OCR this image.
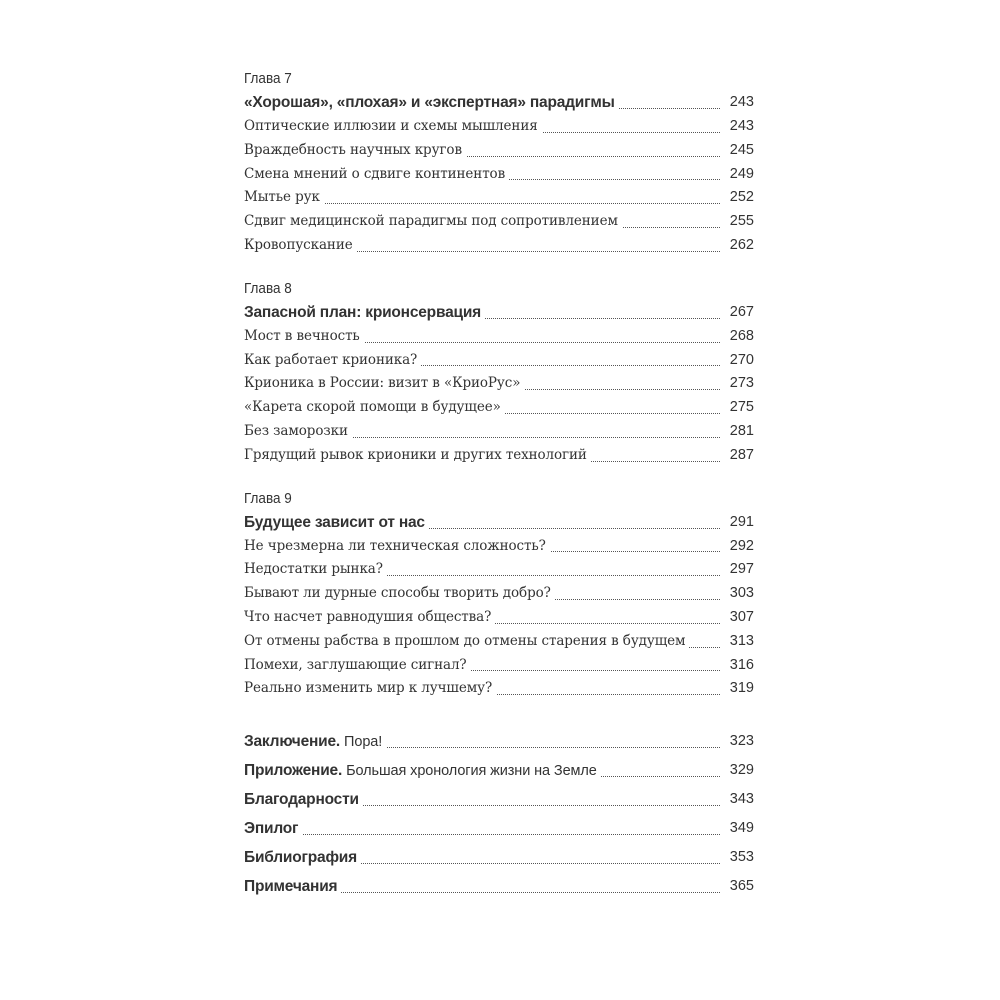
Глава 7
«Хорошая», «плохая» и «экспертная» парадигмы	243
Оптические иллюзии и схемы мышления	243
Враждебность научных кругов	245
Смена мнений о сдвиге континентов	249
Мытье рук	252
Сдвиг медицинской парадигмы под сопротивлением	255
Кровопускание	262
Глава 8
Запасной план: крионсервация	267
Мост в вечность	268
Как работает крионика?	270
Крионика в России: визит в «КриоРус»	273
«Карета скорой помощи в будущее»	275
Без заморозки	281
Грядущий рывок крионики и других технологий	287
Глава 9
Будущее зависит от нас	291
Не чрезмерна ли техническая сложность?	292
Недостатки рынка?	297
Бывают ли дурные способы творить добро?	303
Что насчет равнодушия общества?	307
От отмены рабства в прошлом до отмены старения в будущем	313
Помехи, заглушающие сигнал?	316
Реально изменить мир к лучшему?	319
Заключение. Пора!	323
Приложение. Большая хронология жизни на Земле	329
Благодарности	343
Эпилог	349
Библиография	353
Примечания	365
